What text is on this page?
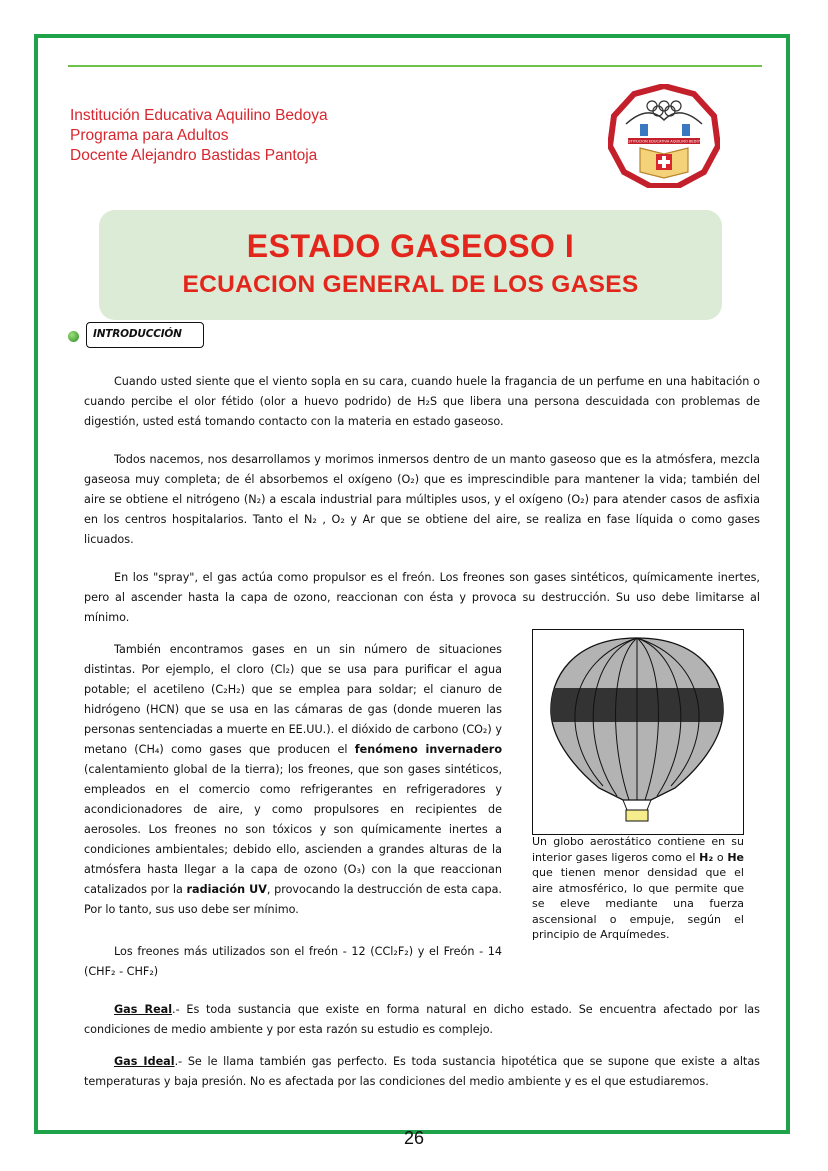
Institución Educativa Aquilino Bedoya
Programa para Adultos
Docente Alejandro Bastidas Pantoja
INSTITUCION EDUCATIVA AQUILINO BEDOYA
ESTADO GASEOSO I
ECUACION GENERAL DE LOS GASES
INTRODUCCIÓN

Cuando usted siente que el viento sopla en su cara, cuando huele la fragancia de un perfume en una habitación o cuando percibe el olor fétido (olor a huevo podrido) de H₂S que libera una persona descuidada con problemas de digestión, usted está tomando contacto con la materia en estado gaseoso.

Todos nacemos, nos desarrollamos y morimos inmersos dentro de un manto gaseoso que es la atmósfera, mezcla gaseosa muy completa; de él absorbemos el oxígeno (O₂) que es imprescindible para mantener la vida; también del aire se obtiene el nitrógeno (N₂) a escala industrial para múltiples usos, y el oxígeno (O₂) para atender casos de asfixia en los centros hospitalarios. Tanto el N₂ , O₂ y Ar que se obtiene del aire, se realiza en fase líquida o como gases licuados.

En los "spray", el gas actúa como propulsor es el freón. Los freones son gases sintéticos, químicamente inertes, pero al ascender hasta la capa de ozono, reaccionan con ésta y provoca su destrucción. Su uso debe limitarse al mínimo.

También encontramos gases en un sin número de situaciones distintas. Por ejemplo, el cloro (Cl₂) que se usa para purificar el agua potable; el acetileno (C₂H₂) que se emplea para soldar; el cianuro de hidrógeno (HCN) que se usa en las cámaras de gas (donde mueren las personas sentenciadas a muerte en EE.UU.). el dióxido de carbono (CO₂) y metano (CH₄) como gases que producen el fenómeno invernadero (calentamiento global de la tierra); los freones, que son gases sintéticos, empleados en el comercio como refrigerantes en refrigeradores y acondicionadores de aire, y como propulsores en recipientes de aerosoles. Los freones no son tóxicos y son químicamente inertes a condiciones ambientales; debido ello, ascienden a grandes alturas de la atmósfera hasta llegar a la capa de ozono (O₃) con la que reaccionan catalizados por la radiación UV, provocando la destrucción de esta capa. Por lo tanto, sus uso debe ser mínimo.

Los freones más utilizados son el freón - 12 (CCl₂F₂) y el Freón - 14 (CHF₂ - CHF₂)

Un globo aerostático contiene en su interior gases ligeros como el H₂ o He que tienen menor densidad que el aire atmosférico, lo que permite que se eleve mediante una fuerza ascensional o empuje, según el principio de Arquímedes.

Gas Real.- Es toda sustancia que existe en forma natural en dicho estado. Se encuentra afectado por las condiciones de medio ambiente y por esta razón su estudio es complejo.

Gas Ideal.- Se le llama también gas perfecto. Es toda sustancia hipotética que se supone que existe a altas temperaturas y baja presión. No es afectada por las condiciones del medio ambiente y es el que estudiaremos.

26
